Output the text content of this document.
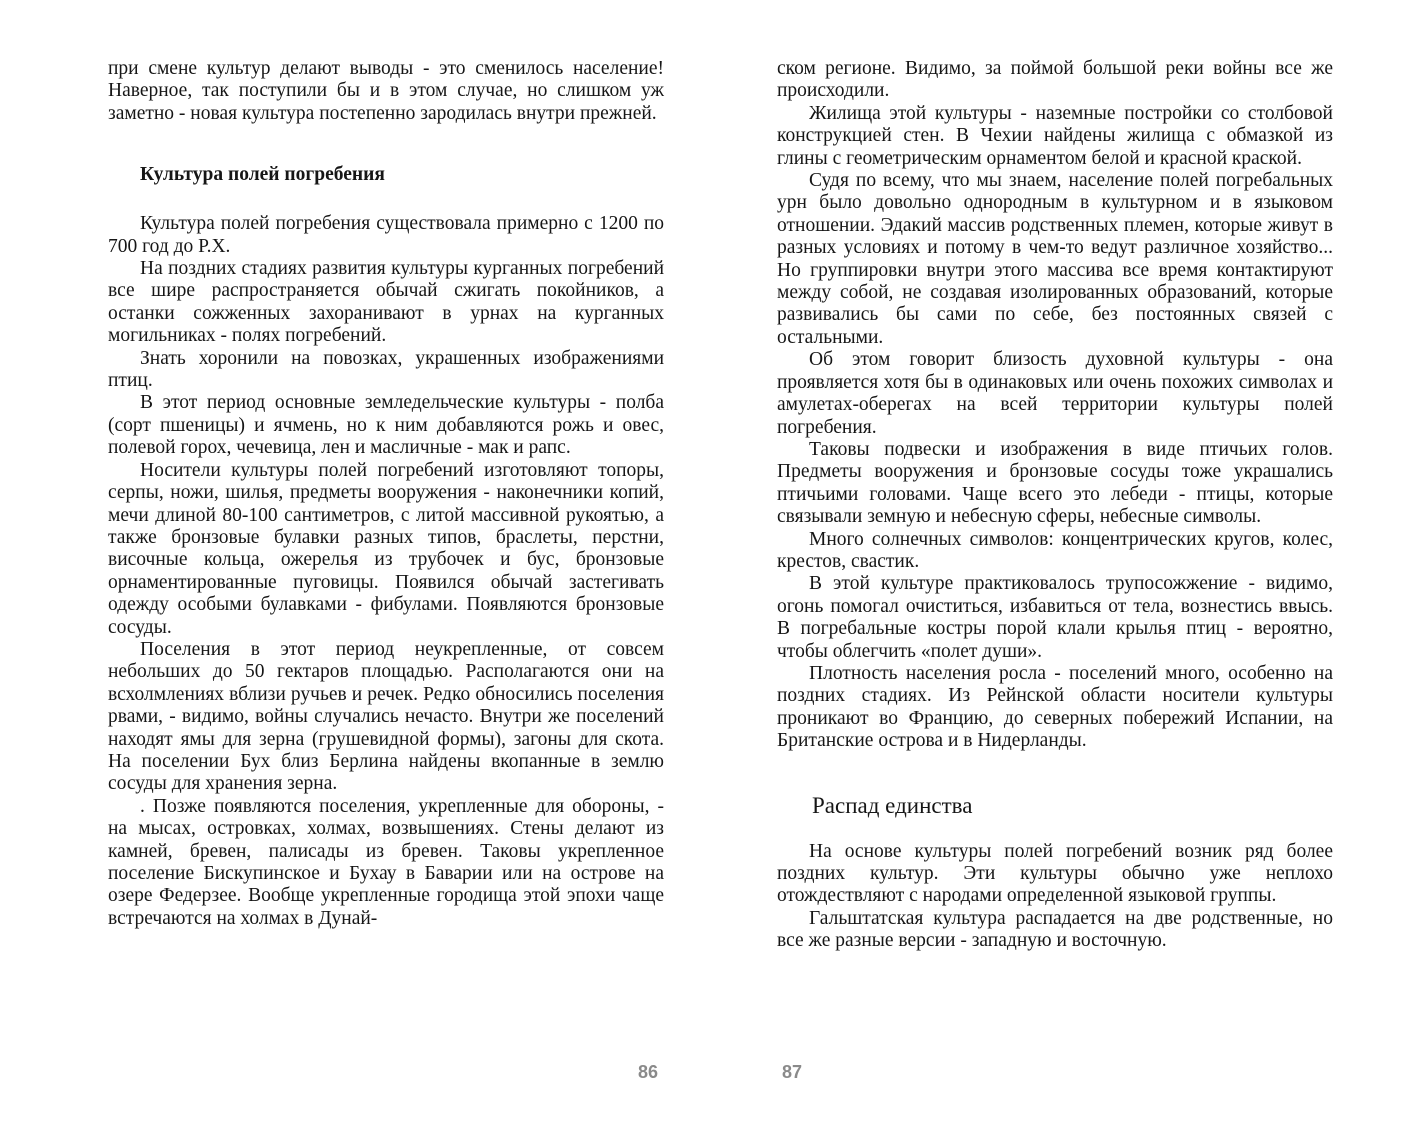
при смене культур делают выводы - это сменилось население! Наверное, так поступили бы и в этом случае, но слишком уж заметно - новая культура постепенно зародилась внутри прежней.

Культура полей погребения

Культура полей погребения существовала примерно с 1200 по 700 год до Р.Х.

На поздних стадиях развития культуры курганных погребений все шире распространяется обычай сжигать покойников, а останки сожженных захоранивают в урнах на курганных могильниках - полях погребений.

Знать хоронили на повозках, украшенных изображениями птиц.

В этот период основные земледельческие культуры - полба (сорт пшеницы) и ячмень, но к ним добавляются рожь и овес, полевой горох, чечевица, лен и масличные - мак и рапс.

Носители культуры полей погребений изготовляют топоры, серпы, ножи, шилья, предметы вооружения - наконечники копий, мечи длиной 80-100 сантиметров, с литой массивной рукоятью, а также бронзовые булавки разных типов, браслеты, перстни, височные кольца, ожерелья из трубочек и бус, бронзовые орнаментированные пуговицы. Появился обычай застегивать одежду особыми булавками - фибулами. Появляются бронзовые сосуды.

Поселения в этот период неукрепленные, от совсем небольших до 50 гектаров площадью. Располагаются они на всхолмлениях вблизи ручьев и речек. Редко обносились поселения рвами, - видимо, войны случались нечасто. Внутри же поселений находят ямы для зерна (грушевидной формы), загоны для скота. На поселении Бух близ Берлина найдены вкопанные в землю сосуды для хранения зерна.

. Позже появляются поселения, укрепленные для обороны, - на мысах, островках, холмах, возвышениях. Стены делают из камней, бревен, палисады из бревен. Таковы укрепленное поселение Бискупинское и Бухау в Баварии или на острове на озере Федерзее. Вообще укрепленные городища этой эпохи чаще встречаются на холмах в Дунай-

86

ском регионе. Видимо, за поймой большой реки войны все же происходили.

Жилища этой культуры - наземные постройки со столбовой конструкцией стен. В Чехии найдены жилища с обмазкой из глины с геометрическим орнаментом белой и красной краской.

Судя по всему, что мы знаем, население полей погребальных урн было довольно однородным в культурном и в языковом отношении. Эдакий массив родственных племен, которые живут в разных условиях и потому в чем-то ведут различное хозяйство... Но группировки внутри этого массива все время контактируют между собой, не создавая изолированных образований, которые развивались бы сами по себе, без постоянных связей с остальными.

Об этом говорит близость духовной культуры - она проявляется хотя бы в одинаковых или очень похожих символах и амулетах-оберегах на всей территории культуры полей погребения.

Таковы подвески и изображения в виде птичьих голов. Предметы вооружения и бронзовые сосуды тоже украшались птичьими головами. Чаще всего это лебеди - птицы, которые связывали земную и небесную сферы, небесные символы.

Много солнечных символов: концентрических кругов, колес, крестов, свастик.

В этой культуре практиковалось трупосожжение - видимо, огонь помогал очиститься, избавиться от тела, вознестись ввысь. В погребальные костры порой клали крылья птиц - вероятно, чтобы облегчить «полет души».

Плотность населения росла - поселений много, особенно на поздних стадиях. Из Рейнской области носители культуры проникают во Францию, до северных побережий Испании, на Британские острова и в Нидерланды.

Распад единства

На основе культуры полей погребений возник ряд более поздних культур. Эти культуры обычно уже неплохо отождествляют с народами определенной языковой группы.

Гальштатская культура распадается на две родственные, но все же разные версии - западную и восточную.

87
